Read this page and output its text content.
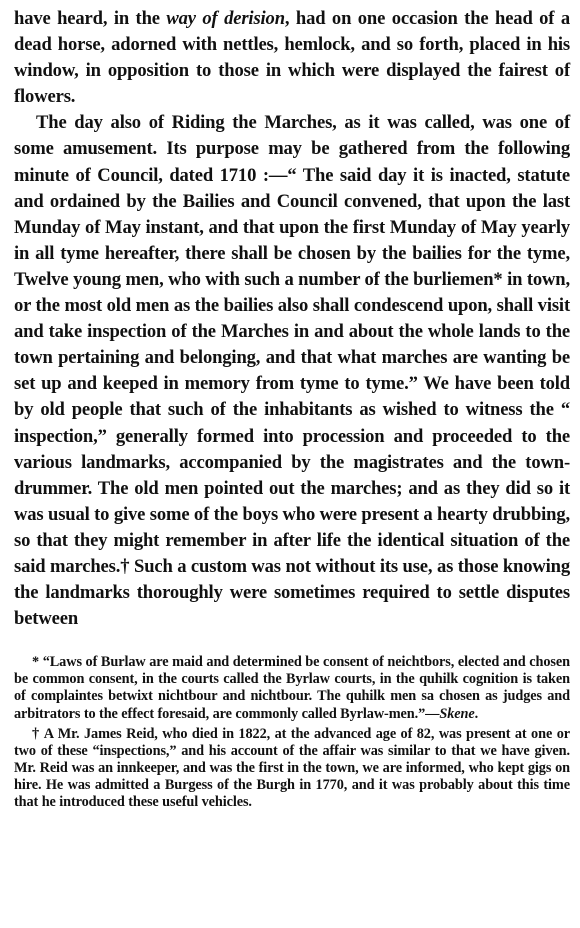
have heard, in the way of derision, had on one occasion the head of a dead horse, adorned with nettles, hemlock, and so forth, placed in his window, in opposition to those in which were displayed the fairest of flowers.

The day also of Riding the Marches, as it was called, was one of some amusement. Its purpose may be gathered from the following minute of Council, dated 1710 :—“ The said day it is inacted, statute and ordained by the Bailies and Council convened, that upon the last Munday of May instant, and that upon the first Munday of May yearly in all tyme hereafter, there shall be chosen by the bailies for the tyme, Twelve young men, who with such a number of the burliemen* in town, or the most old men as the bailies also shall condescend upon, shall visit and take inspection of the Marches in and about the whole lands to the town pertaining and belonging, and that what marches are wanting be set up and keeped in memory from tyme to tyme.” We have been told by old people that such of the inhabitants as wished to witness the “ inspection,” generally formed into procession and proceeded to the various landmarks, accompanied by the magistrates and the town-drummer. The old men pointed out the marches; and as they did so it was usual to give some of the boys who were present a hearty drubbing, so that they might remember in after life the identical situation of the said marches.† Such a custom was not without its use, as those knowing the landmarks thoroughly were sometimes required to settle disputes between

* “Laws of Burlaw are maid and determined be consent of neichtbors, elected and chosen be common consent, in the courts called the Byrlaw courts, in the quhilk cognition is taken of complaintes betwixt nichtbour and nichtbour. The quhilk men sa chosen as judges and arbitrators to the effect foresaid, are commonly called Byrlaw-men.”—Skene.

† A Mr. James Reid, who died in 1822, at the advanced age of 82, was present at one or two of these “inspections,” and his account of the affair was similar to that we have given. Mr. Reid was an innkeeper, and was the first in the town, we are informed, who kept gigs on hire. He was admitted a Burgess of the Burgh in 1770, and it was probably about this time that he introduced these useful vehicles.
